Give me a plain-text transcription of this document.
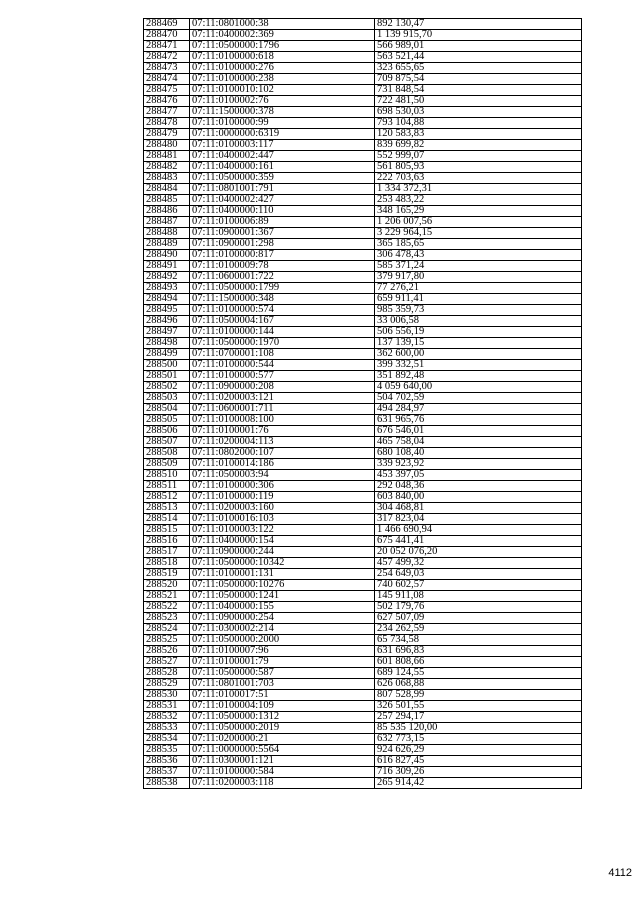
288469	07:11:0801000:38	892 130,47
288470	07:11:0400002:369	1 139 915,70
288471	07:11:0500000:1796	566 989,01
288472	07:11:0100000:618	563 521,44
288473	07:11:0100000:276	323 655,65
288474	07:11:0100000:238	709 875,54
288475	07:11:0100010:102	731 848,54
288476	07:11:0100002:76	722 481,50
288477	07:11:1500000:378	698 530,03
288478	07:11:0100000:99	793 104,88
288479	07:11:0000000:6319	120 583,83
288480	07:11:0100003:117	839 699,82
288481	07:11:0400002:447	552 999,07
288482	07:11:0400000:161	561 805,93
288483	07:11:0500000:359	222 703,63
288484	07:11:0801001:791	1 334 372,31
288485	07:11:0400002:427	253 483,22
288486	07:11:0400000:110	348 165,29
288487	07:11:0100006:89	1 206 007,56
288488	07:11:0900001:367	3 229 964,15
288489	07:11:0900001:298	365 185,65
288490	07:11:0100000:817	306 478,43
288491	07:11:0100009:78	585 371,24
288492	07:11:0600001:722	379 917,80
288493	07:11:0500000:1799	77 276,21
288494	07:11:1500000:348	659 911,41
288495	07:11:0100000:574	985 359,73
288496	07:11:0500004:167	33 006,58
288497	07:11:0100000:144	506 556,19
288498	07:11:0500000:1970	137 139,15
288499	07:11:0700001:108	362 600,00
288500	07:11:0100000:544	399 332,51
288501	07:11:0100000:577	351 892,48
288502	07:11:0900000:208	4 059 640,00
288503	07:11:0200003:121	504 702,59
288504	07:11:0600001:711	494 284,97
288505	07:11:0100008:100	631 965,76
288506	07:11:0100001:76	676 546,01
288507	07:11:0200004:113	465 758,04
288508	07:11:0802000:107	680 108,40
288509	07:11:0100014:186	339 923,92
288510	07:11:0500003:94	453 397,05
288511	07:11:0100000:306	292 048,36
288512	07:11:0100000:119	603 840,00
288513	07:11:0200003:160	304 468,81
288514	07:11:0100016:103	317 823,04
288515	07:11:0100003:122	1 466 690,94
288516	07:11:0400000:154	675 441,41
288517	07:11:0900000:244	20 052 076,20
288518	07:11:0500000:10342	457 499,32
288519	07:11:0100001:131	254 649,03
288520	07:11:0500000:10276	740 602,57
288521	07:11:0500000:1241	145 911,08
288522	07:11:0400000:155	502 179,76
288523	07:11:0900000:254	627 507,09
288524	07:11:0300002:214	234 262,59
288525	07:11:0500000:2000	65 734,58
288526	07:11:0100007:96	631 696,83
288527	07:11:0100001:79	601 808,66
288528	07:11:0500000:587	689 124,55
288529	07:11:0801001:703	626 068,88
288530	07:11:0100017:51	807 528,99
288531	07:11:0100004:109	326 501,55
288532	07:11:0500000:1312	257 294,17
288533	07:11:0500000:2019	85 535 120,00
288534	07:11:0200000:21	632 773,15
288535	07:11:0000000:5564	924 626,29
288536	07:11:0300001:121	616 827,45
288537	07:11:0100000:584	716 309,26
288538	07:11:0200003:118	265 914,42
4112
